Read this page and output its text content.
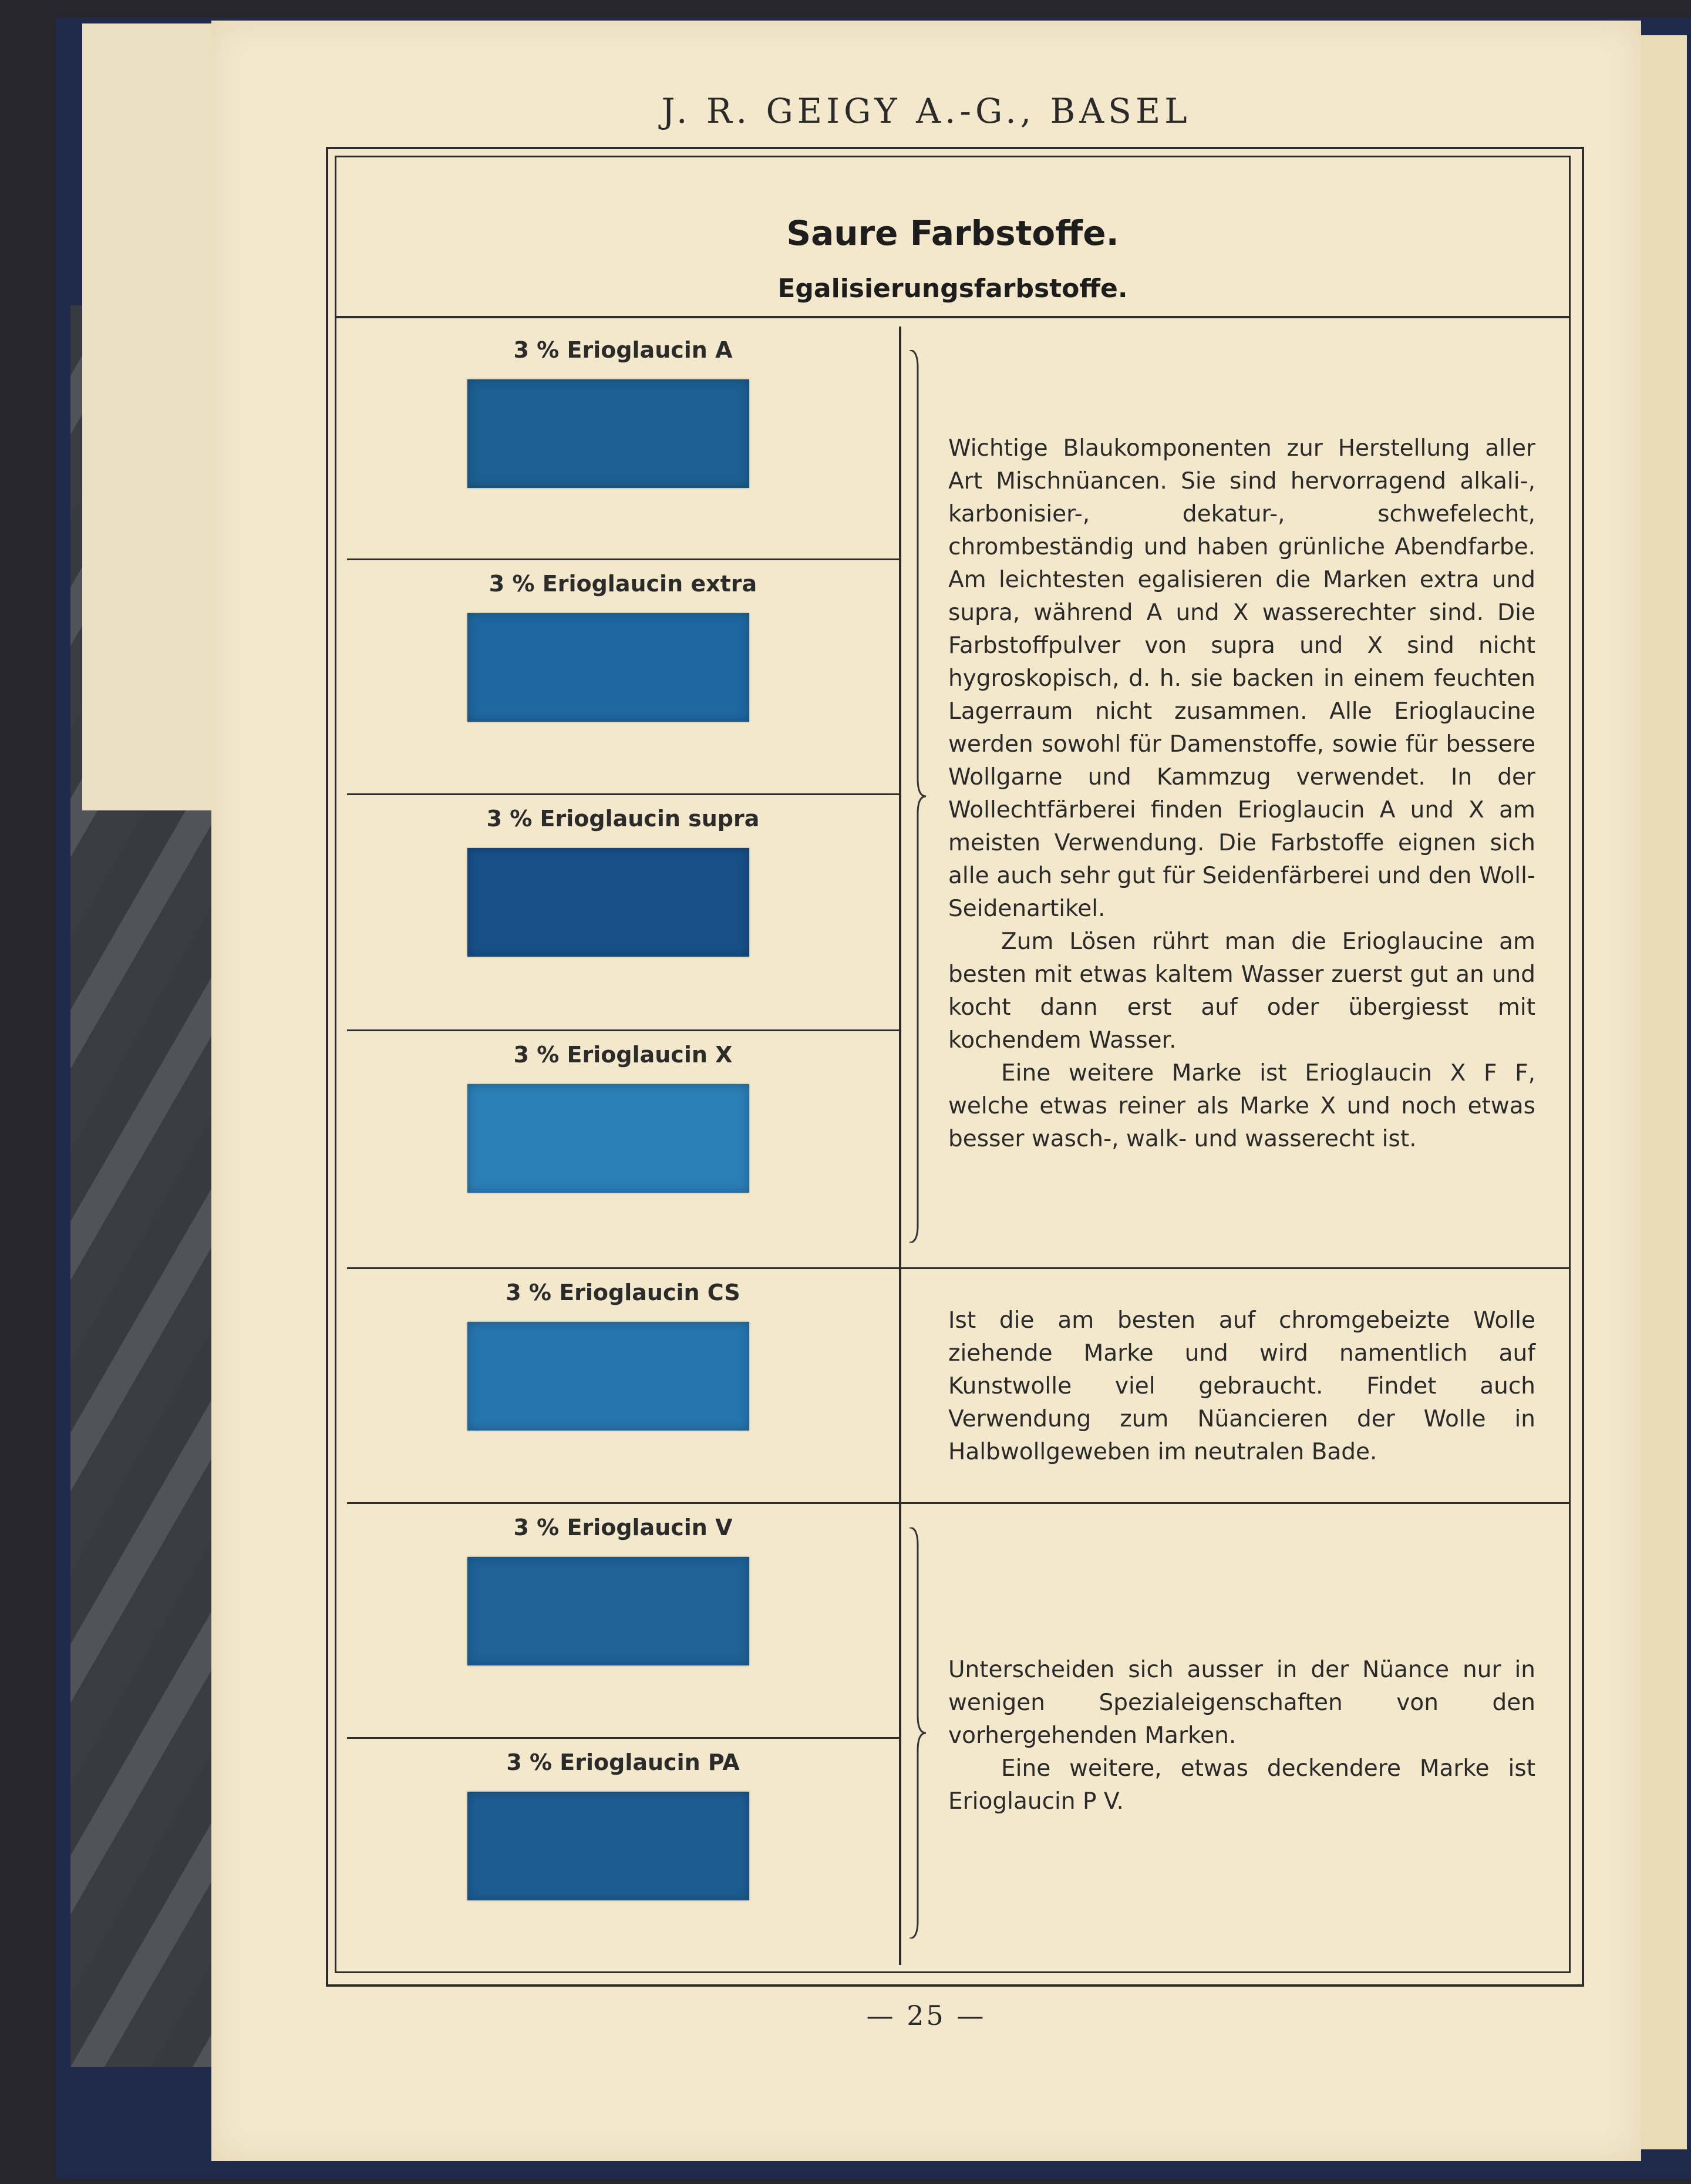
J. R. GEIGY A.-G., BASEL
Saure Farbstoffe.
Egalisierungsfarbstoffe.
3 % Erioglaucin A
3 % Erioglaucin extra
3 % Erioglaucin supra
3 % Erioglaucin X
3 % Erioglaucin CS
3 % Erioglaucin V
3 % Erioglaucin PA

Wichtige Blaukomponenten zur Herstellung aller Art Mischnüancen. Sie sind hervorragend alkali-, karbonisier-, dekatur-, schwefelecht, chrombeständig und haben grünliche Abendfarbe. Am leichtesten egalisieren die Marken extra und supra, während A und X wasserechter sind. Die Farbstoffpulver von supra und X sind nicht hygroskopisch, d. h. sie backen in einem feuchten Lagerraum nicht zusammen. Alle Erioglaucine werden sowohl für Damenstoffe, sowie für bessere Wollgarne und Kammzug verwendet. In der Wollechtfärberei finden Erioglaucin A und X am meisten Verwendung. Die Farbstoffe eignen sich alle auch sehr gut für Seidenfärberei und den Woll-Seidenartikel.

Zum Lösen rührt man die Erioglaucine am besten mit etwas kaltem Wasser zuerst gut an und kocht dann erst auf oder übergiesst mit kochendem Wasser.

Eine weitere Marke ist Erioglaucin X F F, welche etwas reiner als Marke X und noch etwas besser wasch-, walk- und wasserecht ist.

Ist die am besten auf chromgebeizte Wolle ziehende Marke und wird namentlich auf Kunstwolle viel gebraucht. Findet auch Verwendung zum Nüancieren der Wolle in Halbwollgeweben im neutralen Bade.

Unterscheiden sich ausser in der Nüance nur in wenigen Spezialeigenschaften von den vorhergehenden Marken.

Eine weitere, etwas deckendere Marke ist Erioglaucin P V.

— 25 —
